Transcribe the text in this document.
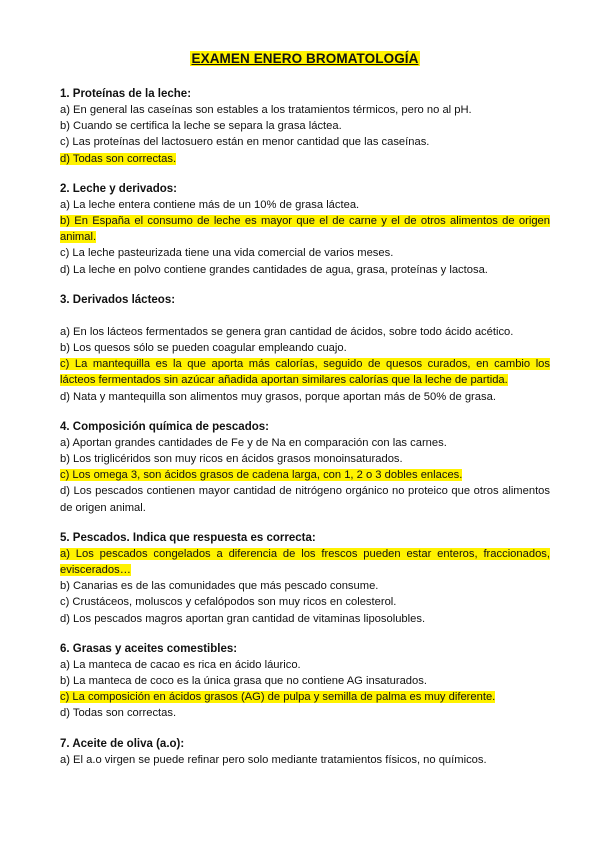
EXAMEN ENERO BROMATOLOGÍA
1. Proteínas de la leche:
a) En general las caseínas son estables a los tratamientos térmicos, pero no al pH.
b) Cuando se certifica la leche se separa la grasa láctea.
c) Las proteínas del lactosuero están en menor cantidad que las caseínas.
d) Todas son correctas.
2. Leche y derivados:
a) La leche entera contiene más de un 10% de grasa láctea.
b) En España el consumo de leche es mayor que el de carne y el de otros alimentos de origen animal.
c) La leche pasteurizada tiene una vida comercial de varios meses.
d) La leche en polvo contiene grandes cantidades de agua, grasa, proteínas y lactosa.
3. Derivados lácteos:
a) En los lácteos fermentados se genera gran cantidad de ácidos, sobre todo ácido acético.
b) Los quesos sólo se pueden coagular empleando cuajo.
c) La mantequilla es la que aporta más calorías, seguido de quesos curados, en cambio los lácteos fermentados sin azúcar añadida aportan similares calorías que la leche de partida.
d) Nata y mantequilla son alimentos muy grasos, porque aportan más de 50% de grasa.
4. Composición química de pescados:
a) Aportan grandes cantidades de Fe y de Na en comparación con las carnes.
b) Los triglicéridos son muy ricos en ácidos grasos monoinsaturados.
c) Los omega 3, son ácidos grasos de cadena larga, con 1, 2 o 3 dobles enlaces.
d) Los pescados contienen mayor cantidad de nitrógeno orgánico no proteico que otros alimentos de origen animal.
5. Pescados. Indica que respuesta es correcta:
a) Los pescados congelados a diferencia de los frescos pueden estar enteros, fraccionados, eviscerados…
b) Canarias es de las comunidades que más pescado consume.
c) Crustáceos, moluscos y cefalópodos son muy ricos en colesterol.
d) Los pescados magros aportan gran cantidad de vitaminas liposolubles.
6. Grasas y aceites comestibles:
a) La manteca de cacao es rica en ácido láurico.
b) La manteca de coco es la única grasa que no contiene AG insaturados.
c) La composición en ácidos grasos (AG) de pulpa y semilla de palma es muy diferente.
d) Todas son correctas.
7. Aceite de oliva (a.o):
a) El a.o virgen se puede refinar pero solo mediante tratamientos físicos, no químicos.
